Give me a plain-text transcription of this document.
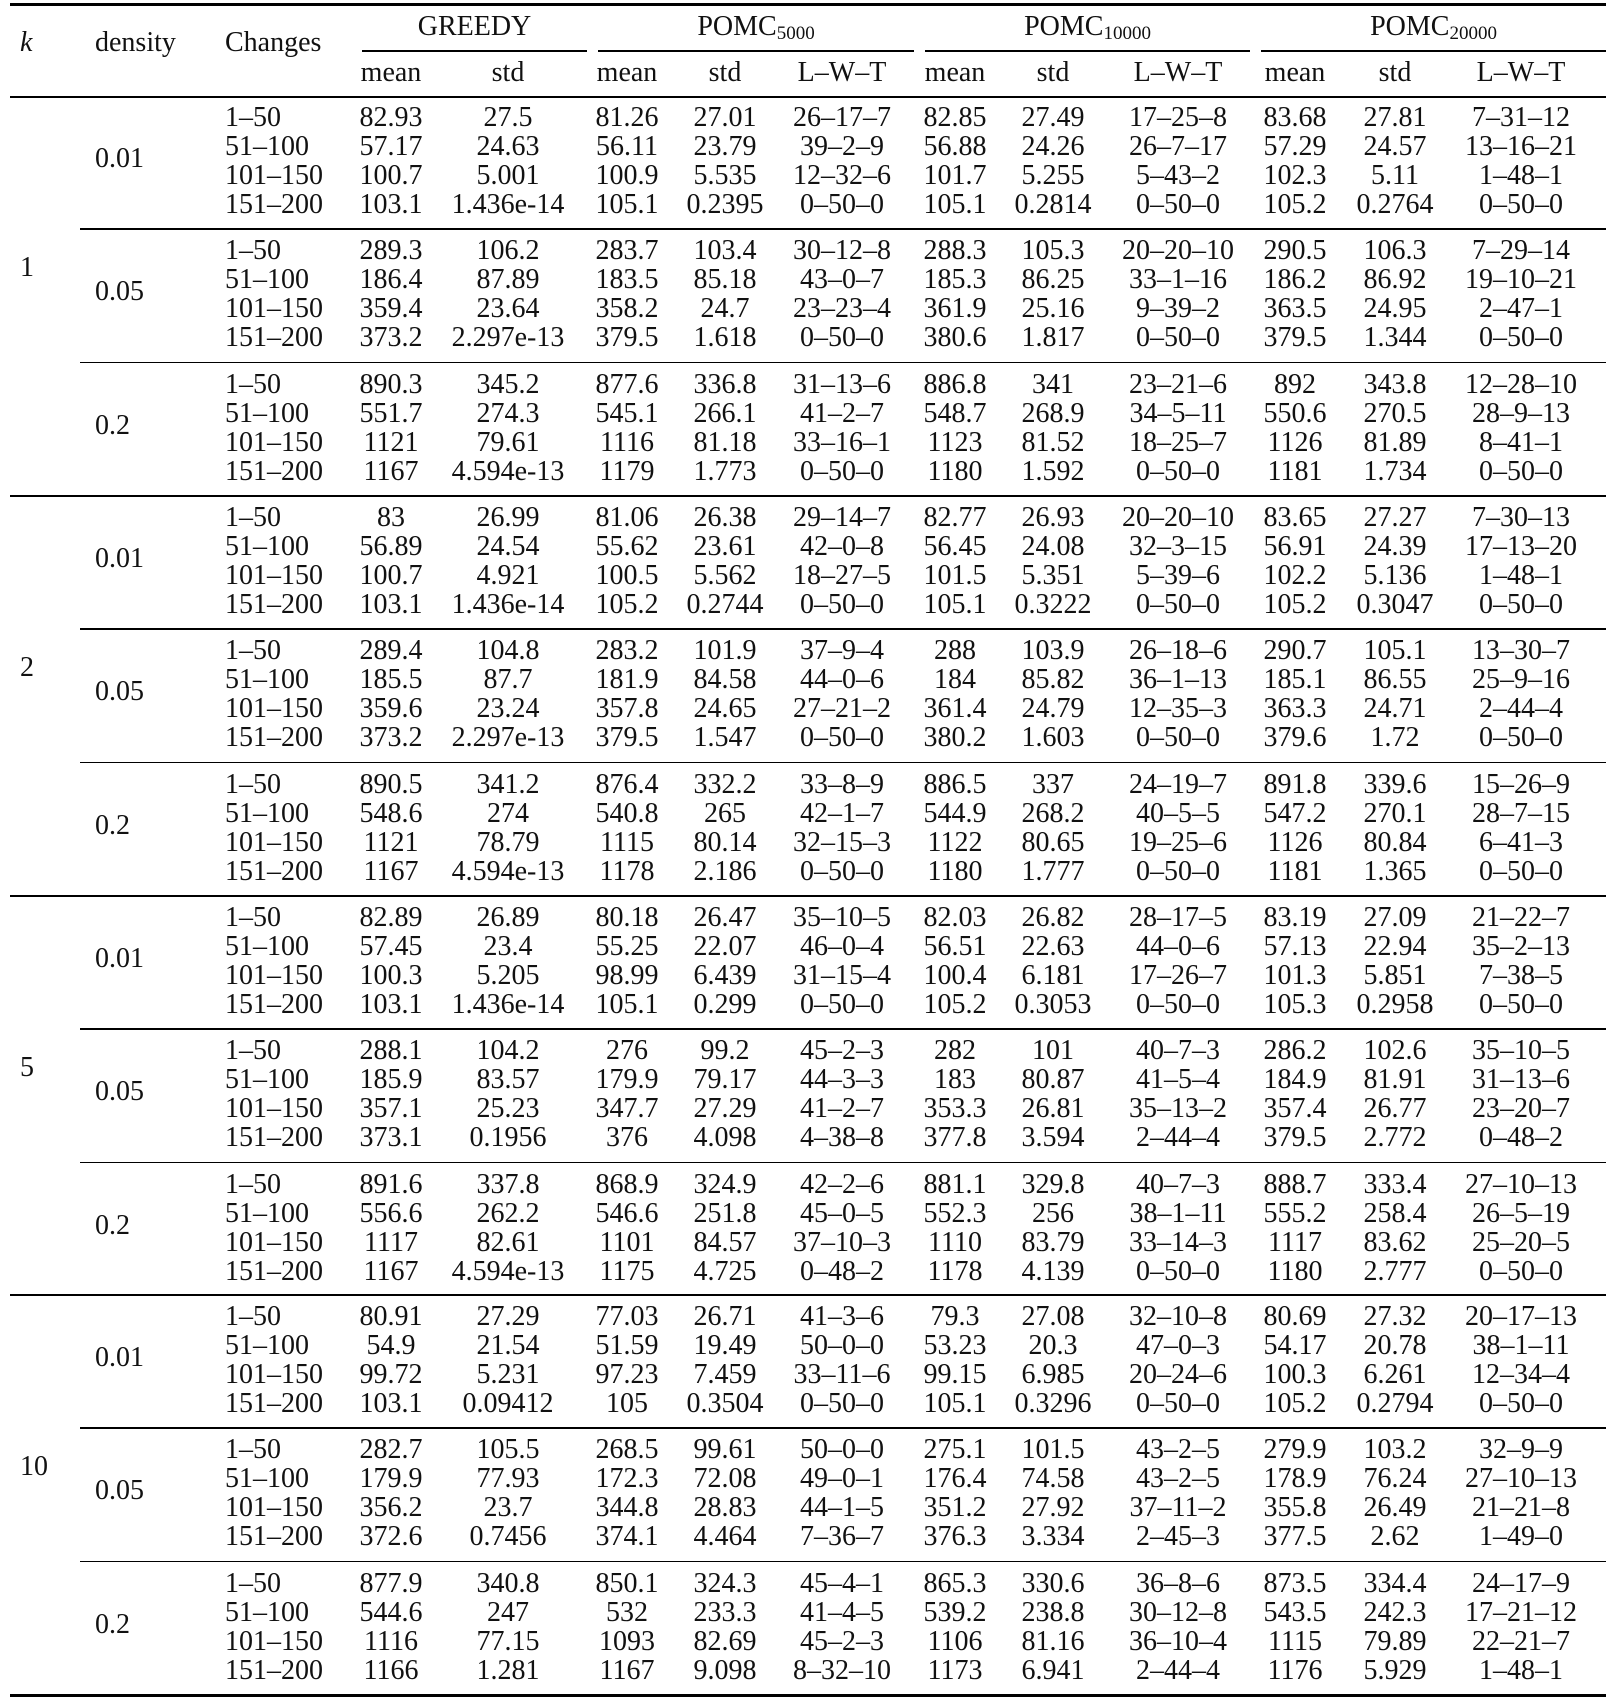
k density Changes
GREEDY	$POMC_{5000}$	$POMC_{10000}$	$POMC_{20000}$
mean	std	mean	std	L–W–T	mean	std	L–W–T	mean	std	L–W–T
1
0.01
1–50	82.93	27.5	81.26	27.01	26–17–7	82.85	27.49	17–25–8	83.68	27.81	7–31–12
51–100 57.17	24.63	56.11	23.79	39–2–9	56.88	24.26	26–7–17	57.29	24.57	13–16–21
101–150 100.7	5.001	100.9	5.535	12–32–6	101.7	5.255	5–43–2	102.3	5.11	1–48–1
151–200 103.1	1.436e-14	105.1 0.2395	0–50–0	105.1 0.2814	0–50–0	105.2 0.2764	0–50–0
0.05
1–50	289.3	106.2	283.7	103.4	30–12–8	288.3	105.3	20–20–10	290.5	106.3	7–29–14
51–100 186.4	87.89	183.5	85.18	43–0–7	185.3	86.25	33–1–16	186.2	86.92	19–10–21
101–150 359.4	23.64	358.2	24.7	23–23–4	361.9	25.16	9–39–2	363.5	24.95	2–47–1
151–200 373.2	2.297e-13	379.5	1.618	0–50–0	380.6	1.817	0–50–0	379.5	1.344	0–50–0
0.2
1–50	890.3	345.2	877.6	336.8	31–13–6	886.8	341	23–21–6	892	343.8	12–28–10
51–100 551.7	274.3	545.1	266.1	41–2–7	548.7	268.9	34–5–11	550.6	270.5	28–9–13
101–150 1121	79.61	1116	81.18	33–16–1	1123	81.52	18–25–7	1126	81.89	8–41–1
151–200 1167	4.594e-13	1179	1.773	0–50–0	1180	1.592	0–50–0	1181	1.734	0–50–0
2
0.01
1–50	83	26.99	81.06	26.38	29–14–7	82.77	26.93	20–20–10	83.65	27.27	7–30–13
51–100 56.89	24.54	55.62	23.61	42–0–8	56.45	24.08	32–3–15	56.91	24.39	17–13–20
101–150 100.7	4.921	100.5	5.562	18–27–5	101.5	5.351	5–39–6	102.2	5.136	1–48–1
151–200 103.1	1.436e-14	105.2 0.2744	0–50–0	105.1 0.3222	0–50–0	105.2 0.3047	0–50–0
0.05
1–50	289.4	104.8	283.2	101.9	37–9–4	288	103.9	26–18–6	290.7	105.1	13–30–7
51–100 185.5	87.7	181.9	84.58	44–0–6	184	85.82	36–1–13	185.1	86.55	25–9–16
101–150 359.6	23.24	357.8	24.65	27–21–2	361.4	24.79	12–35–3	363.3	24.71	2–44–4
151–200 373.2	2.297e-13	379.5	1.547	0–50–0	380.2	1.603	0–50–0	379.6	1.72	0–50–0
0.2
1–50	890.5	341.2	876.4	332.2	33–8–9	886.5	337	24–19–7	891.8	339.6	15–26–9
51–100 548.6	274	540.8	265	42–1–7	544.9	268.2	40–5–5	547.2	270.1	28–7–15
101–150 1121	78.79	1115	80.14	32–15–3	1122	80.65	19–25–6	1126	80.84	6–41–3
151–200 1167	4.594e-13	1178	2.186	0–50–0	1180	1.777	0–50–0	1181	1.365	0–50–0
5
0.01
1–50	82.89	26.89	80.18	26.47	35–10–5	82.03	26.82	28–17–5	83.19	27.09	21–22–7
51–100 57.45	23.4	55.25	22.07	46–0–4	56.51	22.63	44–0–6	57.13	22.94	35–2–13
101–150 100.3	5.205	98.99	6.439	31–15–4	100.4	6.181	17–26–7	101.3	5.851	7–38–5
151–200 103.1	1.436e-14	105.1	0.299	0–50–0	105.2 0.3053	0–50–0	105.3 0.2958	0–50–0
0.05
1–50	288.1	104.2	276	99.2	45–2–3	282	101	40–7–3	286.2	102.6	35–10–5
51–100 185.9	83.57	179.9	79.17	44–3–3	183	80.87	41–5–4	184.9	81.91	31–13–6
101–150 357.1	25.23	347.7	27.29	41–2–7	353.3	26.81	35–13–2	357.4	26.77	23–20–7
151–200 373.1	0.1956	376	4.098	4–38–8	377.8	3.594	2–44–4	379.5	2.772	0–48–2
0.2
1–50	891.6	337.8	868.9	324.9	42–2–6	881.1	329.8	40–7–3	888.7	333.4	27–10–13
51–100 556.6	262.2	546.6	251.8	45–0–5	552.3	256	38–1–11	555.2	258.4	26–5–19
101–150 1117	82.61	1101	84.57	37–10–3	1110	83.79	33–14–3	1117	83.62	25–20–5
151–200 1167	4.594e-13	1175	4.725	0–48–2	1178	4.139	0–50–0	1180	2.777	0–50–0
10
0.01
1–50	80.91	27.29	77.03	26.71	41–3–6	79.3	27.08	32–10–8	80.69	27.32	20–17–13
51–100	54.9	21.54	51.59	19.49	50–0–0	53.23	20.3	47–0–3	54.17	20.78	38–1–11
101–150 99.72	5.231	97.23	7.459	33–11–6	99.15	6.985	20–24–6	100.3	6.261	12–34–4
151–200 103.1	0.09412	105	0.3504	0–50–0	105.1 0.3296	0–50–0	105.2 0.2794	0–50–0
0.05
1–50	282.7	105.5	268.5	99.61	50–0–0	275.1	101.5	43–2–5	279.9	103.2	32–9–9
51–100 179.9	77.93	172.3	72.08	49–0–1	176.4	74.58	43–2–5	178.9	76.24	27–10–13
101–150 356.2	23.7	344.8	28.83	44–1–5	351.2	27.92	37–11–2	355.8	26.49	21–21–8
151–200 372.6	0.7456	374.1	4.464	7–36–7	376.3	3.334	2–45–3	377.5	2.62	1–49–0
0.2
1–50	877.9	340.8	850.1	324.3	45–4–1	865.3	330.6	36–8–6	873.5	334.4	24–17–9
51–100 544.6	247	532	233.3	41–4–5	539.2	238.8	30–12–8	543.5	242.3	17–21–12
101–150 1116	77.15	1093	82.69	45–2–3	1106	81.16	36–10–4	1115	79.89	22–21–7
151–200 1166	1.281	1167	9.098	8–32–10	1173	6.941	2–44–4	1176	5.929	1–48–1
